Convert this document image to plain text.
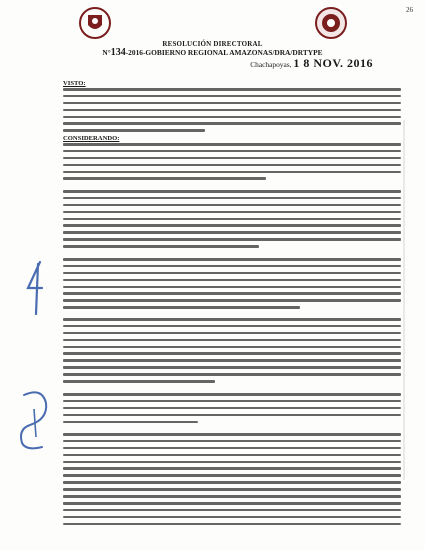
26
RESOLUCIÓN DIRECTORAL
N°134-2016-GOBIERNO REGIONAL AMAZONAS/DRA/DRTYPE
Chachapoyas, 1 8 NOV. 2016
VISTO:
CONSIDERANDO:
